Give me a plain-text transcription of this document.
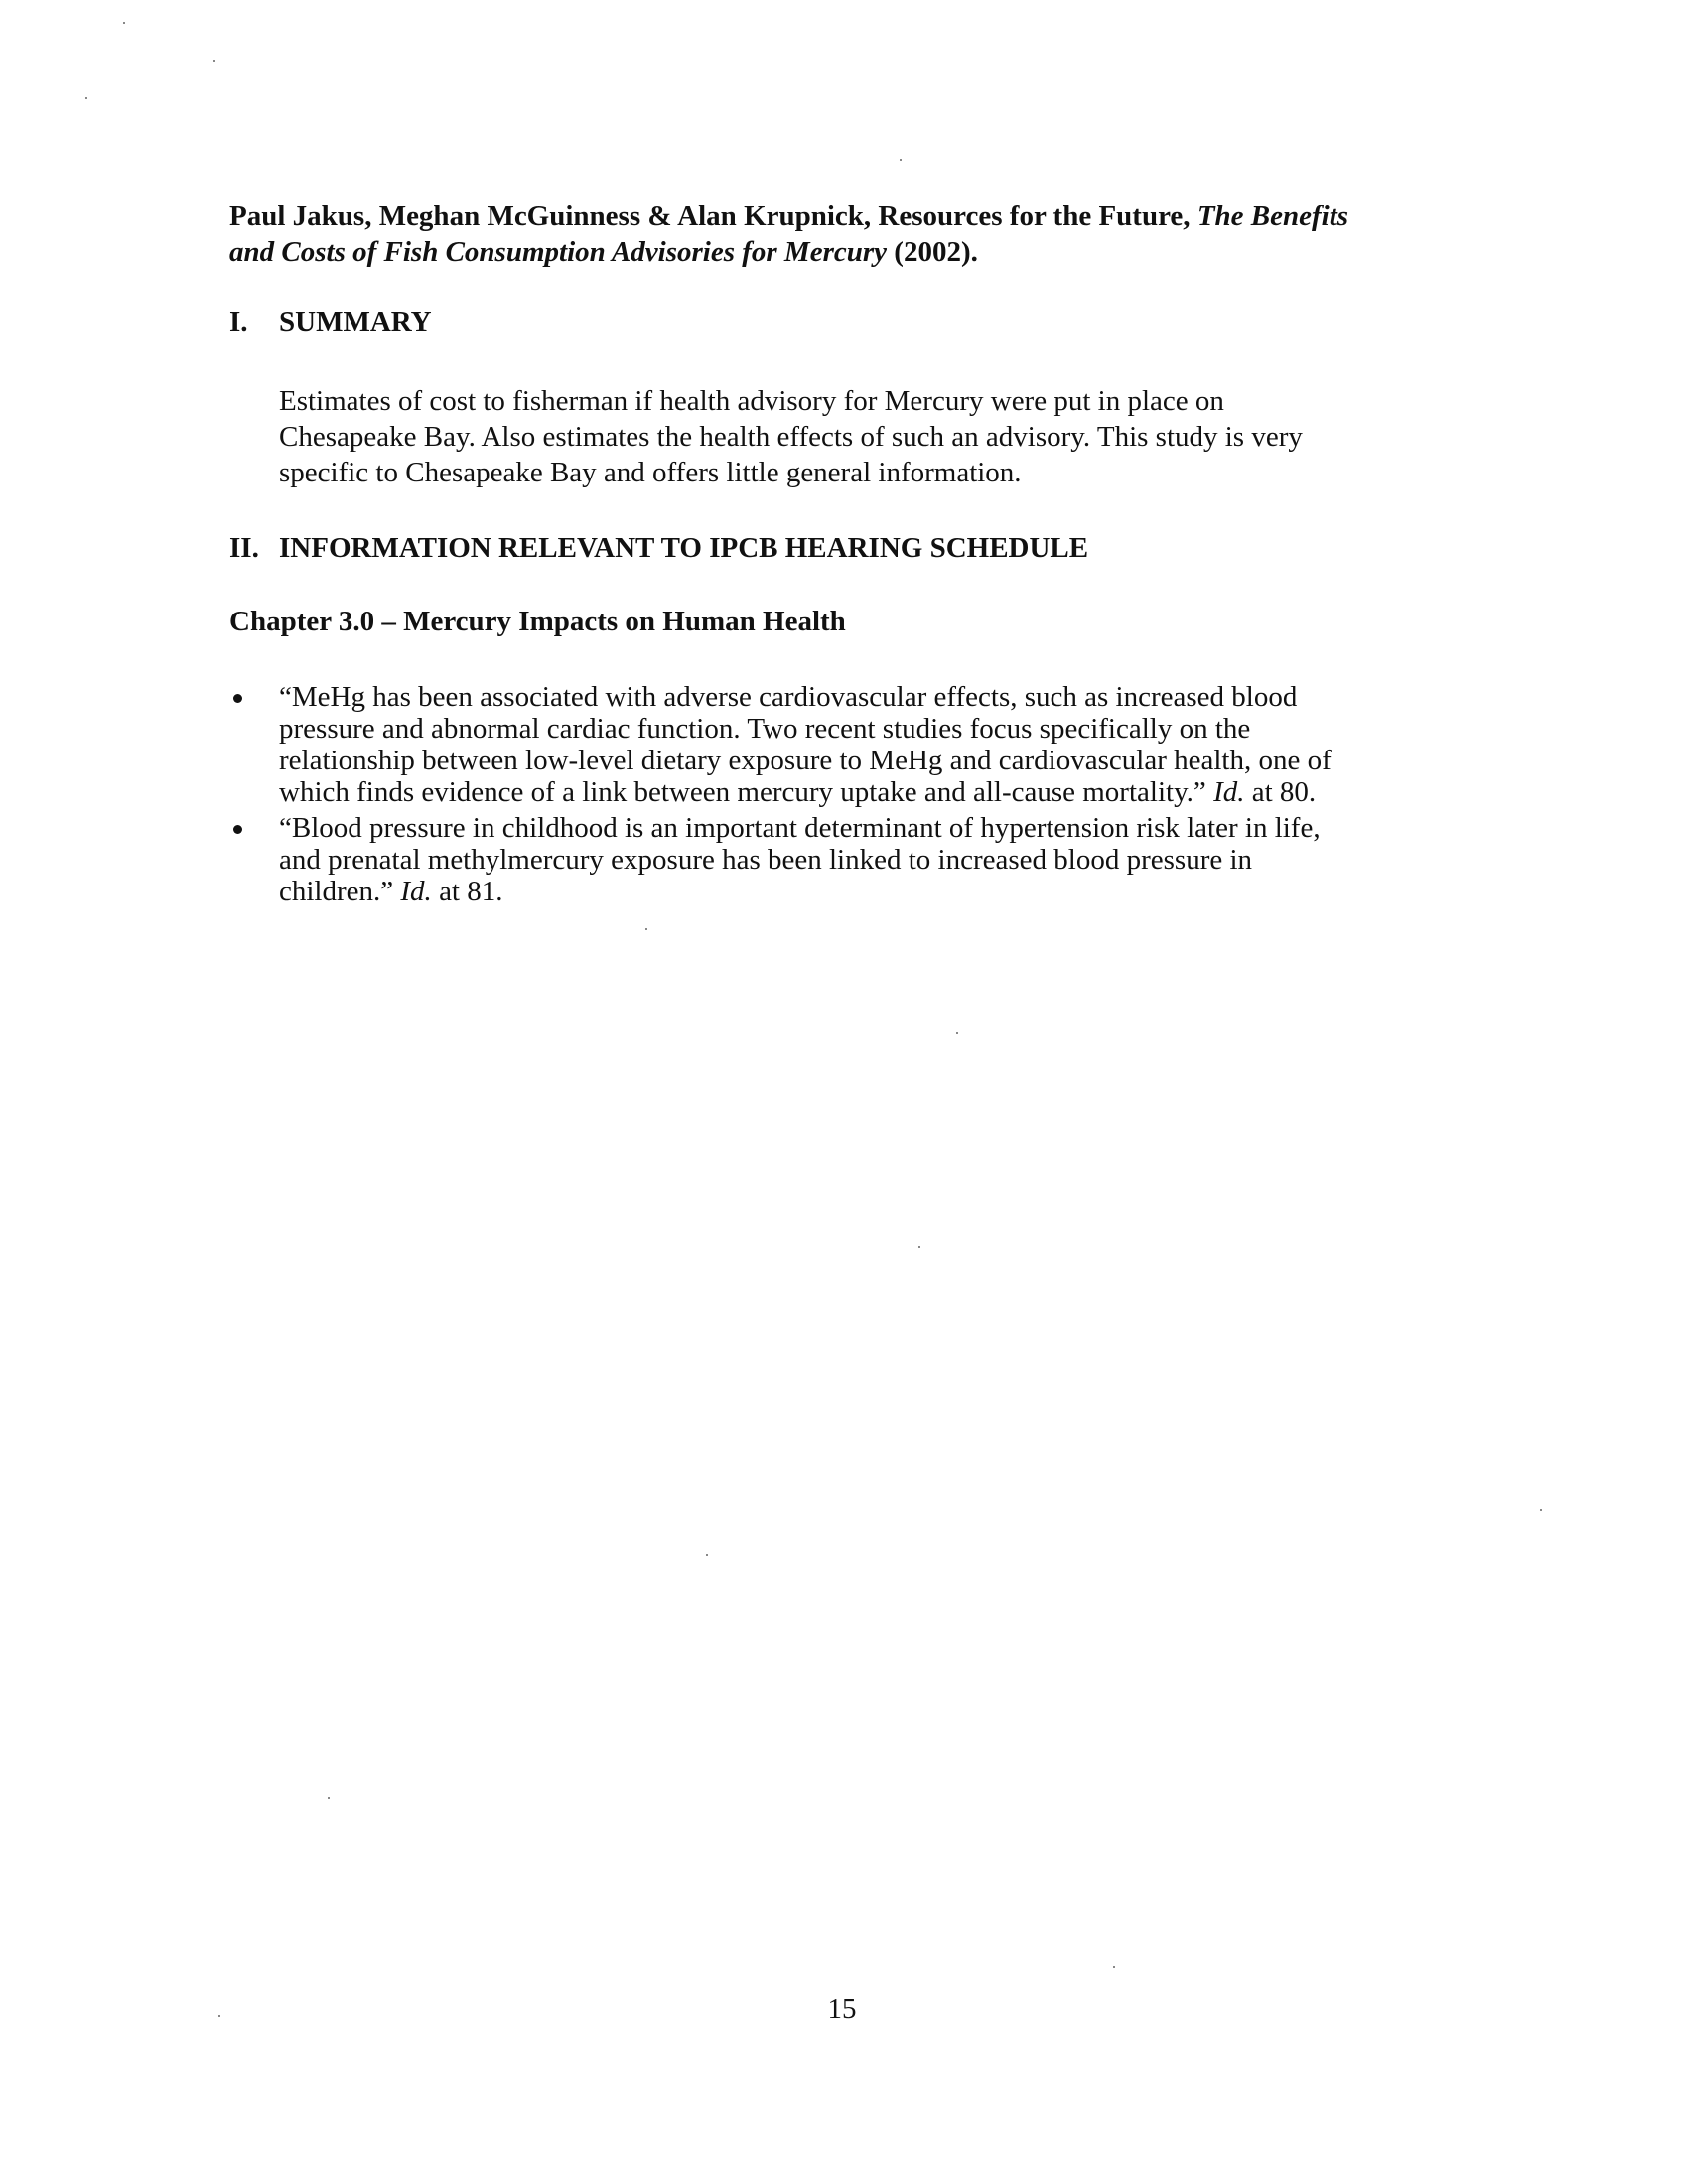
Paul Jakus, Meghan McGuinness & Alan Krupnick, Resources for the Future, The Benefits
and Costs of Fish Consumption Advisories for Mercury (2002).

I. SUMMARY

Estimates of cost to fisherman if health advisory for Mercury were put in place on
Chesapeake Bay. Also estimates the health effects of such an advisory. This study is very
specific to Chesapeake Bay and offers little general information.

II. INFORMATION RELEVANT TO IPCB HEARING SCHEDULE
Chapter 3.0 – Mercury Impacts on Human Health
“MeHg has been associated with adverse cardiovascular effects, such as increased blood
pressure and abnormal cardiac function. Two recent studies focus specifically on the
relationship between low-level dietary exposure to MeHg and cardiovascular health, one of
which finds evidence of a link between mercury uptake and all-cause mortality.” Id. at 80.
“Blood pressure in childhood is an important determinant of hypertension risk later in life,
and prenatal methylmercury exposure has been linked to increased blood pressure in
children.” Id. at 81.
15
